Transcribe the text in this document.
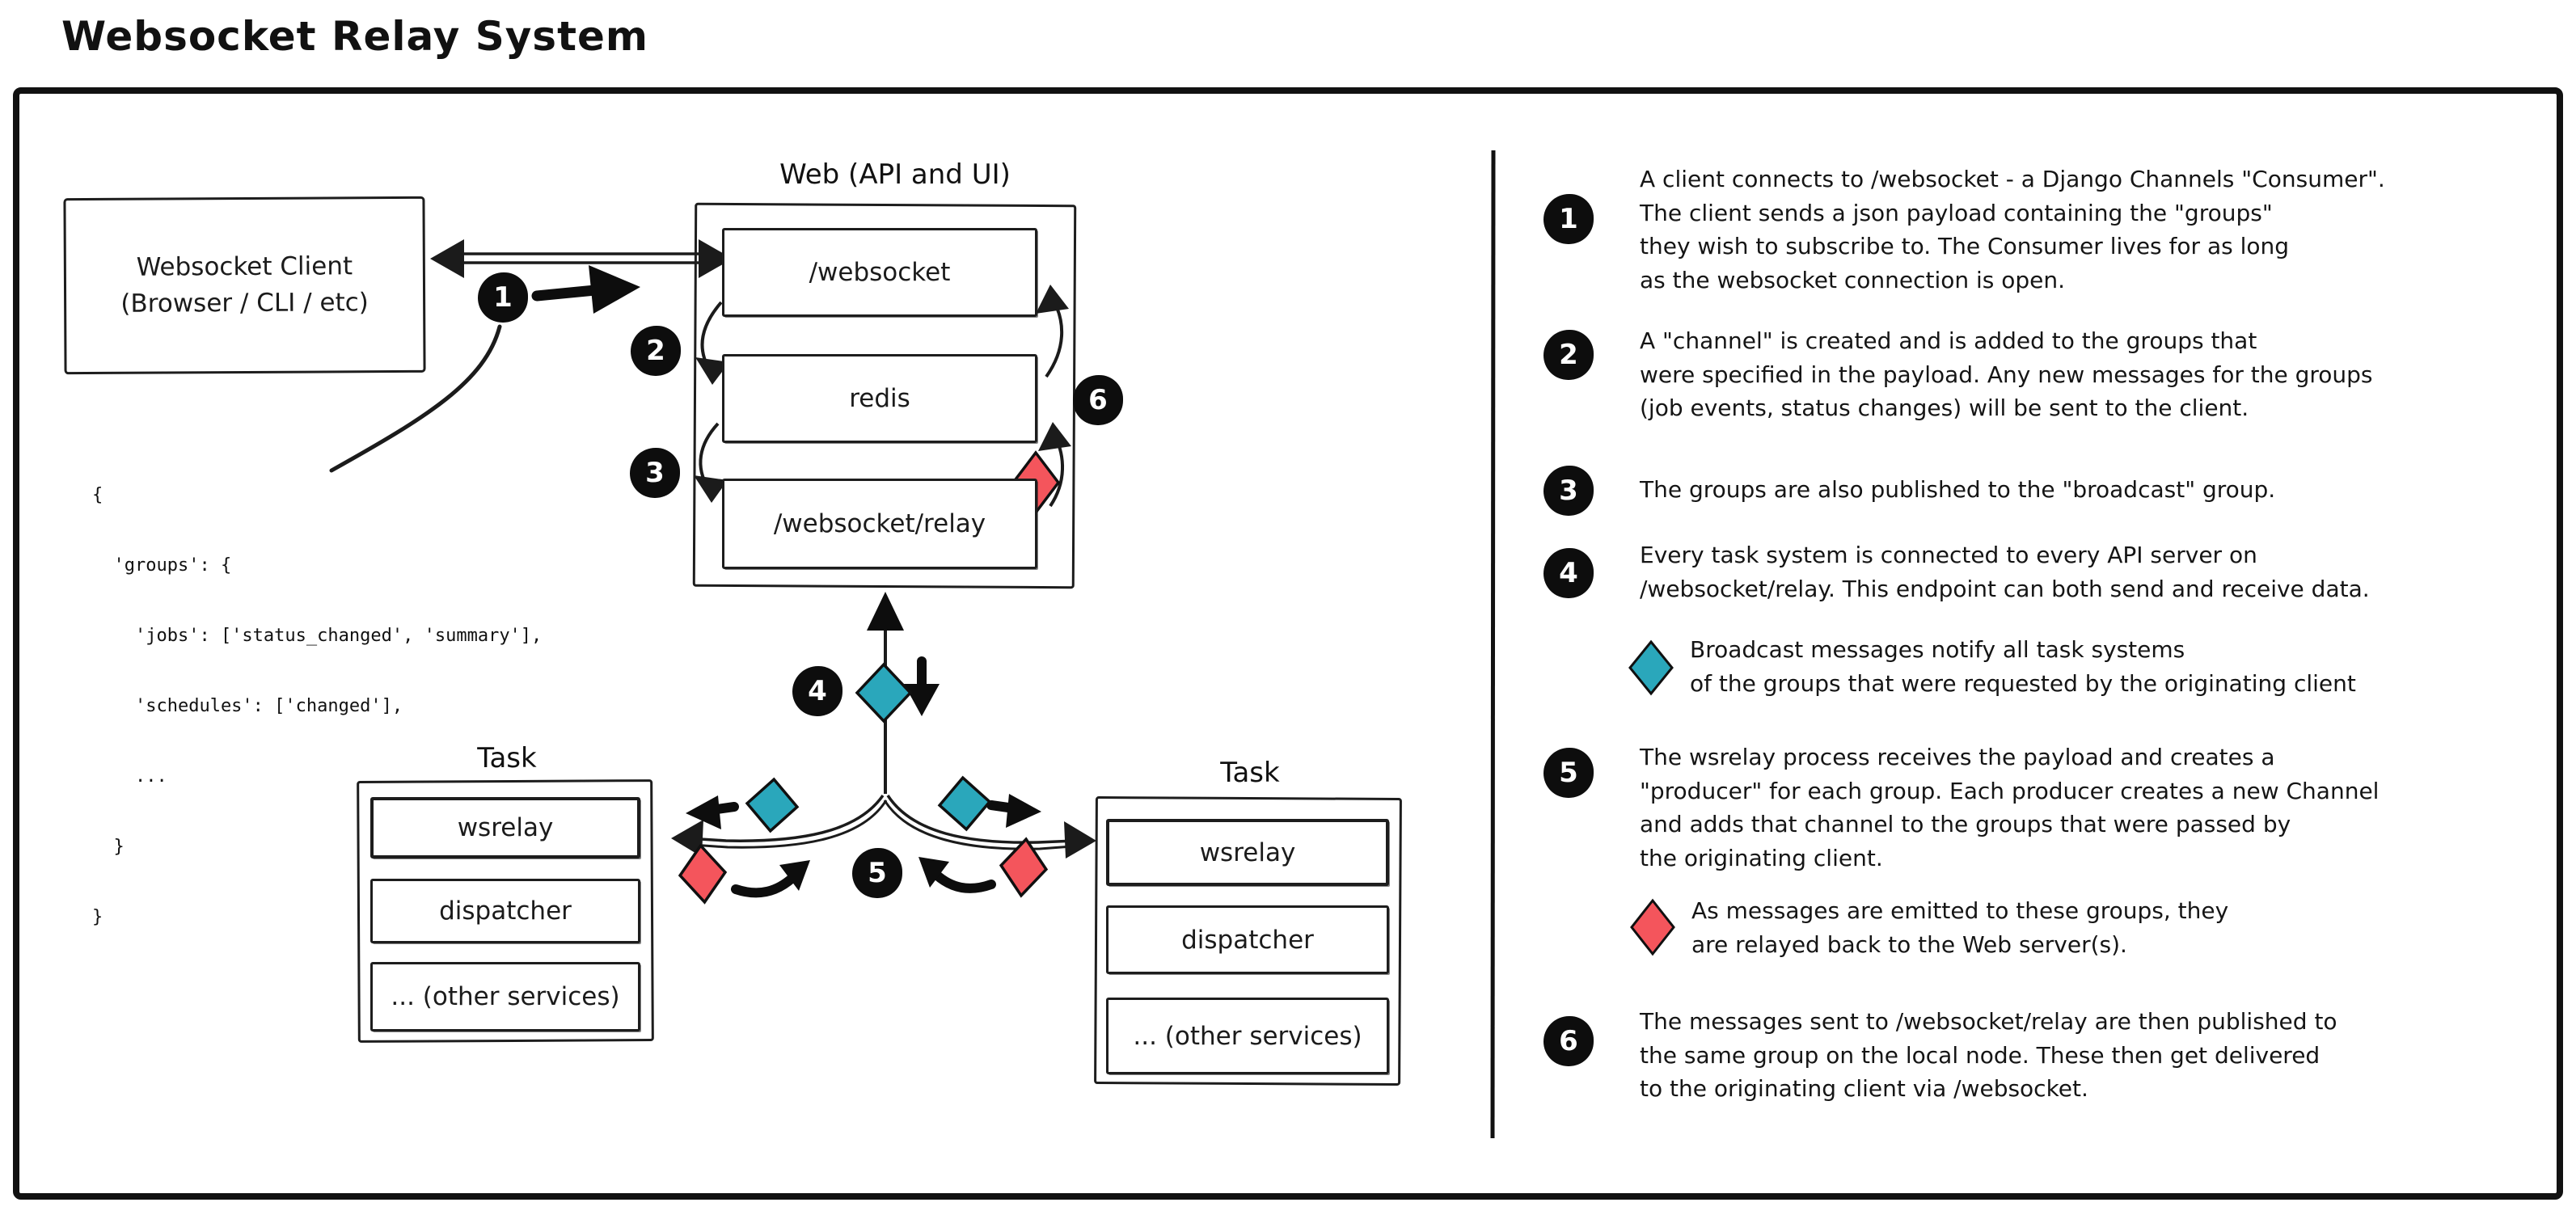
Websocket Relay System
Websocket Client
(Browser / CLI / etc)

{

'groups': {

'jobs': ['status_changed', 'summary'],

'schedules': ['changed'],

...

}

}

Web (API and UI)
/websocket
redis
/websocket/relay
Task
wsrelay
dispatcher
... (other services)
Task
wsrelay
dispatcher
... (other services)
1
2
3
4
5
6
1
2
3
4
5
6
A client connects to /websocket - a Django Channels "Consumer".
The client sends a json payload containing the "groups"
they wish to subscribe to. The Consumer lives for as long
as the websocket connection is open.
A "channel" is created and is added to the groups that
were specified in the payload. Any new messages for the groups
(job events, status changes) will be sent to the client.
The groups are also published to the "broadcast" group.
Every task system is connected to every API server on
/websocket/relay. This endpoint can both send and receive data.
Broadcast messages notify all task systems
of the groups that were requested by the originating client
The wsrelay process receives the payload and creates a
"producer" for each group. Each producer creates a new Channel
and adds that channel to the groups that were passed by
the originating client.
As messages are emitted to these groups, they
are relayed back to the Web server(s).
The messages sent to /websocket/relay are then published to
the same group on the local node. These then get delivered
to the originating client via /websocket.
